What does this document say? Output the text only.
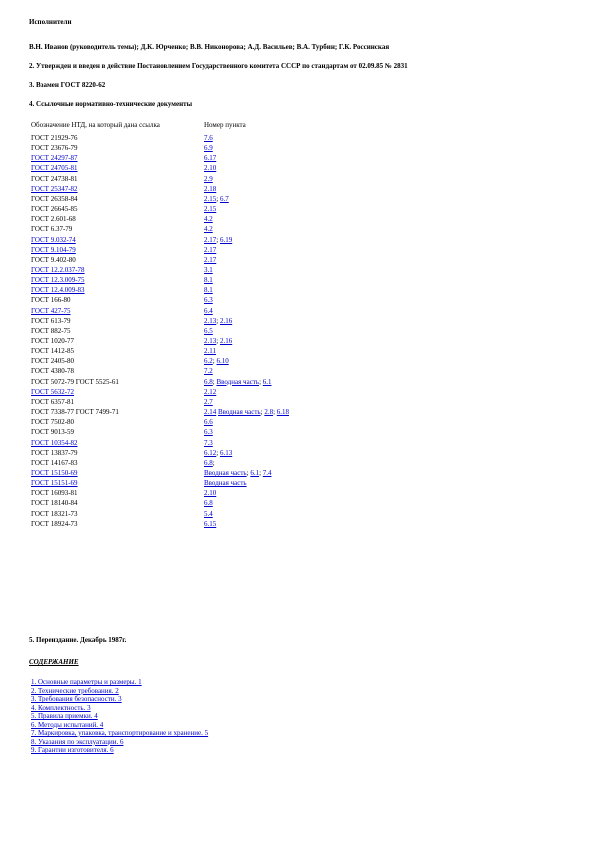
Исполнители
В.Н. Иванов (руководитель темы); Д.К. Юрченко; В.В. Никонорова; А.Д. Васильев; В.А. Турбин; Г.К. Россинская
2. Утвержден и введен в действие Постановлением Государственного комитета СССР по стандартам от 02.09.85 № 2831
3. Взамен ГОСТ 8220-62
4. Ссылочные нормативно-технические документы
Обозначение НТД, на который дана ссылка	Номер пункта
ГОСТ 21929-76	7.6
ГОСТ 23676-79	6.9
ГОСТ 24297-87	6.17
ГОСТ 24705-81	2.10
ГОСТ 24738-81	2.9
ГОСТ 25347-82	2.18
ГОСТ 26358-84	2.15; 6.7
ГОСТ 26645-85	2.15
ГОСТ 2.601-68	4.2
ГОСТ 6.37-79	4.2
ГОСТ 9.032-74	2.17; 6.19
ГОСТ 9.104-79	2.17
ГОСТ 9.402-80	2.17
ГОСТ 12.2.037-78	3.1
ГОСТ 12.3.009-75	8.1
ГОСТ 12.4.009-83	8.1
ГОСТ 166-80	6.3
ГОСТ 427-75	6.4
ГОСТ 613-79	2.13; 2.16
ГОСТ 882-75	6.5
ГОСТ 1020-77	2.13; 2.16
ГОСТ 1412-85	2.11
ГОСТ 2405-80	6.2; 6.10
ГОСТ 4380-78	7.2
ГОСТ 5072-79 ГОСТ 5525-61	6.8; Вводная часть; 6.1
ГОСТ 5632-72	2.12
ГОСТ 6357-81	2.7
ГОСТ 7338-77 ГОСТ 7499-71	2.14 Вводная часть; 2.8; 6.18
ГОСТ 7502-80	6.6
ГОСТ 9013-59	6.3
ГОСТ 10354-82	7.3
ГОСТ 13837-79	6.12; 6.13
ГОСТ 14167-83	6.8;
ГОСТ 15150-69	Вводная часть; 6.1; 7.4
ГОСТ 15151-69	Вводная часть
ГОСТ 16093-81	2.10
ГОСТ 18140-84	6.8
ГОСТ 18321-73	5.4
ГОСТ 18924-73	6.15
5. Переиздание. Декабрь 1987г.
СОДЕРЖАНИЕ
1. Основные параметры и размеры. 1
2. Технические требования. 2
3. Требования безопасности. 3
4. Комплектность. 3
5. Правила приемки. 4
6. Методы испытаний. 4
7. Маркировка, упаковка, транспортирование и хранение. 5
8. Указания по эксплуатации. 6
9. Гарантии изготовителя. 6
